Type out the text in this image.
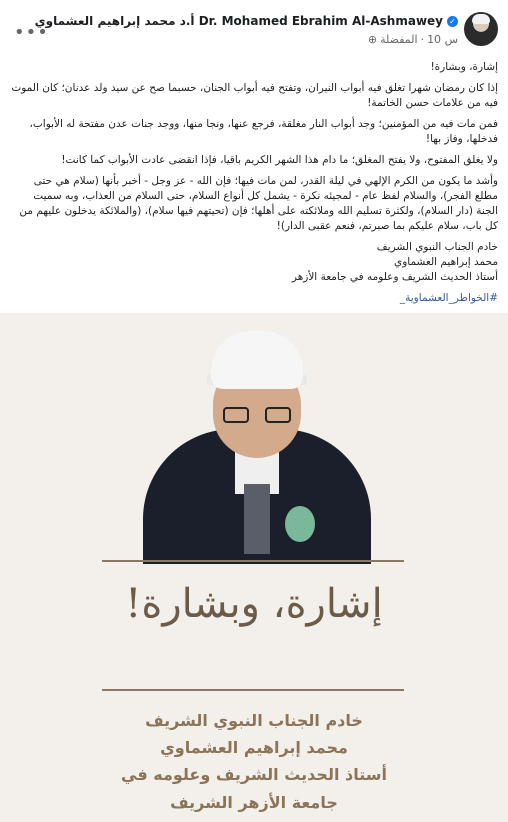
أ.د محمد إبراهيم العشماوي Dr. Mohamed Ebrahim Al-Ashmawey ✓
⊕ المفضلة · 10 س
•••

إشارة، وبشارة!

إذا كان رمضان شهرا تغلق فيه أبواب النيران، وتفتح فيه أبواب الجنان، حسبما صح عن سيد ولد عدنان؛ كان الموت فيه من علامات حسن الخاتمة!

فمن مات فيه من المؤمنين؛ وجد أبواب النار مغلقة، فرجع عنها، ونجا منها، ووجد جنات عدن مفتحة له الأبواب، فدخلها، وفاز بها!

ولا يغلق المفتوح، ولا يفتح المغلق؛ ما دام هذا الشهر الكريم باقيا، فإذا انقضى عادت الأبواب كما كانت!

وأشد ما يكون من الكرم الإلهي في ليلة القدر، لمن مات فيها؛ فإن الله - عز وجل - أخبر بأنها (سلام هي حتى مطلع الفجر)، والسلام لفظ عام - لمجيئه نكرة - يشمل كل أنواع السلام، حتى السلام من العذاب، وبه سميت الجنة (دار السلام)، ولكثرة تسليم الله وملائكته على أهلها؛ فإن (تحيتهم فيها سلام)، (والملائكة يدخلون عليهم من كل باب، سلام عليكم بما صبرتم، فنعم عقبى الدار)!

خادم الجناب النبوي الشريف

محمد إبراهيم العشماوي

أستاذ الحديث الشريف وعلومه في جامعة الأزهر

#الخواطر_العشماوية_

إشارة، وبشارة!
خادم الجناب النبوي الشريف
محمد إبراهيم العشماوي
أستاذ الحديث الشريف وعلومه في
جامعة الأزهر الشريف
